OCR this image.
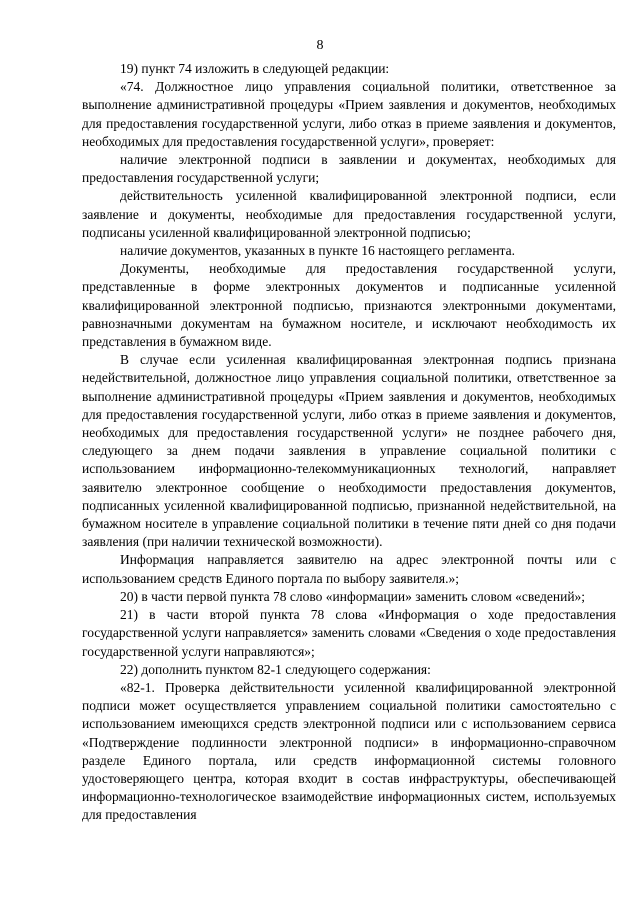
8

19) пункт 74 изложить в следующей редакции:

«74. Должностное лицо управления социальной политики, ответственное за выполнение административной процедуры «Прием заявления и документов, необходимых для предоставления государственной услуги, либо отказ в приеме заявления и документов, необходимых для предоставления государственной услуги», проверяет:

наличие электронной подписи в заявлении и документах, необходимых для предоставления государственной услуги;

действительность усиленной квалифицированной электронной подписи, если заявление и документы, необходимые для предоставления государственной услуги, подписаны усиленной квалифицированной электронной подписью;

наличие документов, указанных в пункте 16 настоящего регламента.

Документы, необходимые для предоставления государственной услуги, представленные в форме электронных документов и подписанные усиленной квалифицированной электронной подписью, признаются электронными документами, равнозначными документам на бумажном носителе, и исключают необходимость их представления в бумажном виде.

В случае если усиленная квалифицированная электронная подпись признана недействительной, должностное лицо управления социальной политики, ответственное за выполнение административной процедуры «Прием заявления и документов, необходимых для предоставления государственной услуги, либо отказ в приеме заявления и документов, необходимых для предоставления государственной услуги» не позднее рабочего дня, следующего за днем подачи заявления в управление социальной политики с использованием информационно-телекоммуникационных технологий, направляет заявителю электронное сообщение о необходимости предоставления документов, подписанных усиленной квалифицированной подписью, признанной недействительной, на бумажном носителе в управление социальной политики в течение пяти дней со дня подачи заявления (при наличии технической возможности).

Информация направляется заявителю на адрес электронной почты или с использованием средств Единого портала по выбору заявителя.»;

20) в части первой пункта 78 слово «информации» заменить словом «сведений»;

21) в части второй пункта 78 слова «Информация о ходе предоставления государственной услуги направляется» заменить словами «Сведения о ходе предоставления государственной услуги направляются»;

22) дополнить пунктом 82-1 следующего содержания:

«82-1. Проверка действительности усиленной квалифицированной электронной подписи может осуществляется управлением социальной политики самостоятельно с использованием имеющихся средств электронной подписи или с использованием сервиса «Подтверждение подлинности электронной подписи» в информационно-справочном разделе Единого портала, или средств информационной системы головного удостоверяющего центра, которая входит в состав инфраструктуры, обеспечивающей информационно-технологическое взаимодействие информационных систем, используемых для предоставления
